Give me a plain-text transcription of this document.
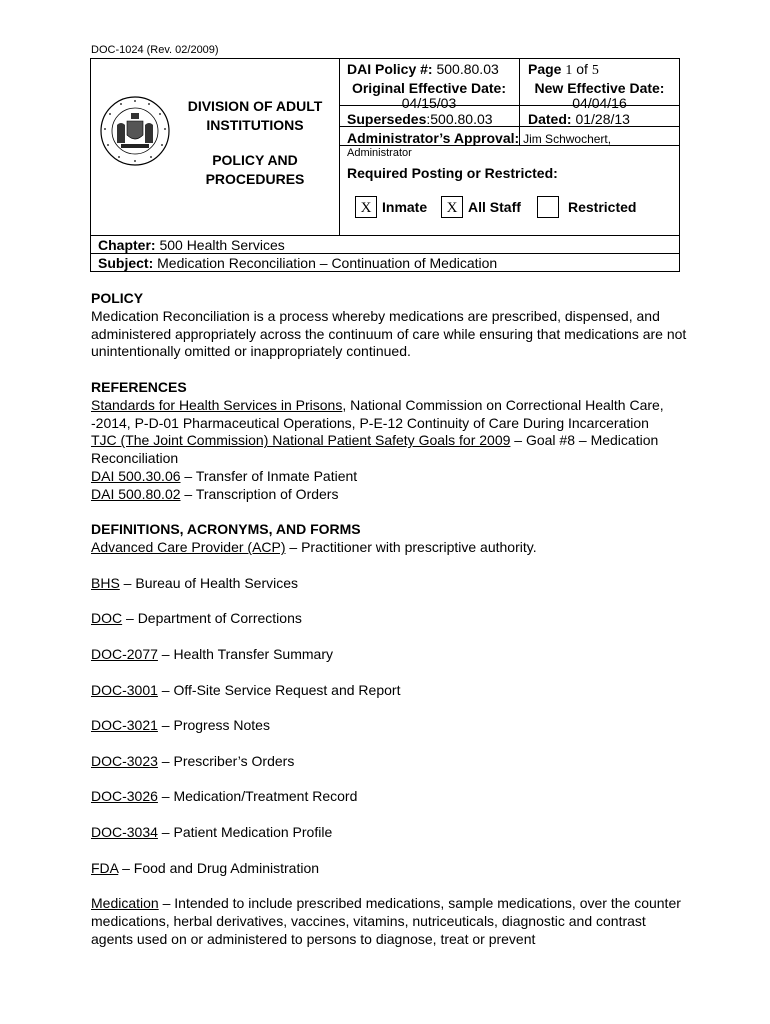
DOC-1024 (Rev. 02/2009)
DIVISION OF ADULT INSTITUTIONS
POLICY AND PROCEDURES
DAI Policy #: 500.80.03 Page 1 of 5
Original Effective Date:
04/15/03
New Effective Date:
04/04/16
Supersedes:500.80.03	Dated: 01/28/13
Administrator’s Approval: Jim Schwochert,
Administrator
Required Posting or Restricted:
X Inmate	X All Staff	Restricted
Chapter: 500 Health Services
Subject: Medication Reconciliation – Continuation of Medication

POLICY

Medication Reconciliation is a process whereby medications are prescribed, dispensed, and administered appropriately across the continuum of care while ensuring that medications are not unintentionally omitted or inappropriately continued.

REFERENCES

Standards for Health Services in Prisons, National Commission on Correctional Health Care, -2014, P-D-01 Pharmaceutical Operations, P-E-12 Continuity of Care During Incarceration

TJC (The Joint Commission) National Patient Safety Goals for 2009 – Goal #8 – Medication Reconciliation

DAI 500.30.06 – Transfer of Inmate Patient

DAI 500.80.02 – Transcription of Orders

DEFINITIONS, ACRONYMS, AND FORMS

Advanced Care Provider (ACP) – Practitioner with prescriptive authority.

BHS – Bureau of Health Services

DOC – Department of Corrections

DOC-2077 – Health Transfer Summary

DOC-3001 – Off-Site Service Request and Report

DOC-3021 – Progress Notes

DOC-3023 – Prescriber’s Orders

DOC-3026 – Medication/Treatment Record

DOC-3034 – Patient Medication Profile

FDA – Food and Drug Administration

Medication – Intended to include prescribed medications, sample medications, over the counter medications, herbal derivatives, vaccines, vitamins, nutriceuticals, diagnostic and contrast agents used on or administered to persons to diagnose, treat or prevent
